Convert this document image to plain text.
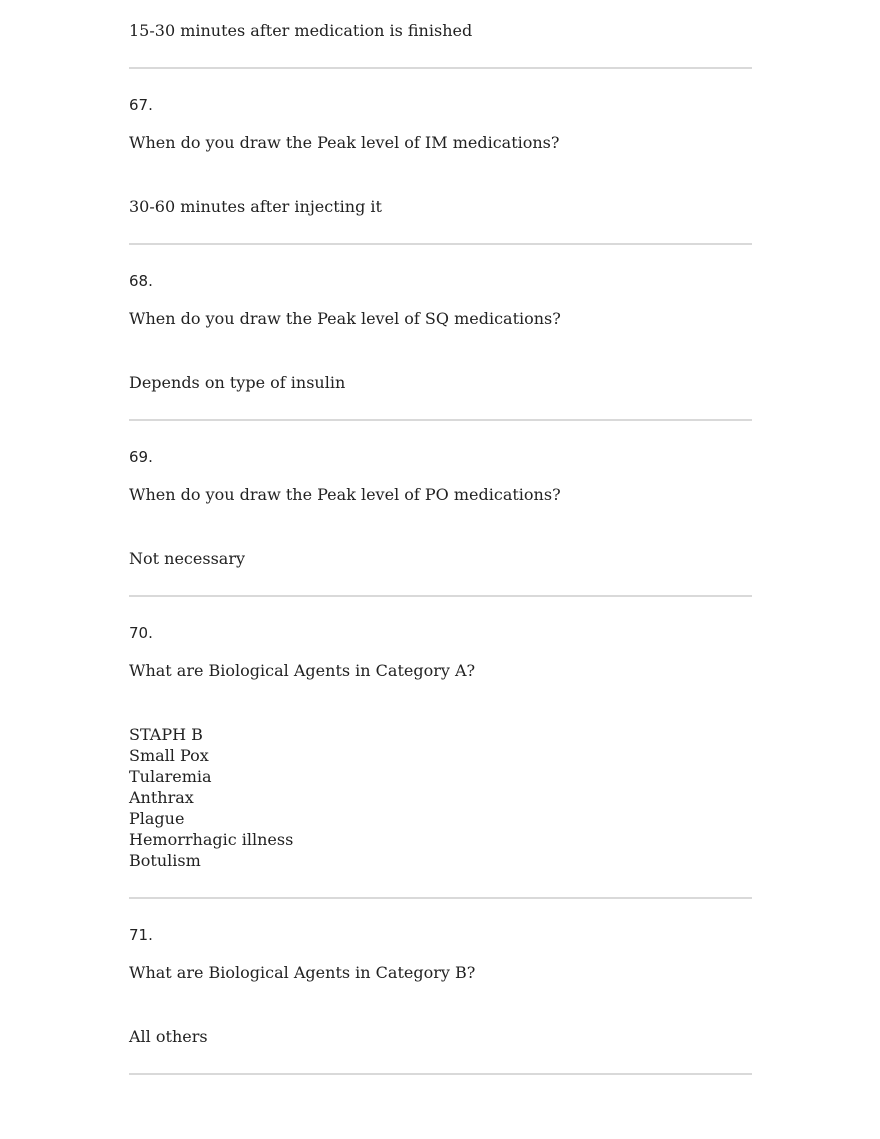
15-30 minutes after medication is finished
67.
When do you draw the Peak level of IM medications?
30-60 minutes after injecting it
68.
When do you draw the Peak level of SQ medications?
Depends on type of insulin
69.
When do you draw the Peak level of PO medications?
Not necessary
70.
What are Biological Agents in Category A?
STAPH B
Small Pox
Tularemia
Anthrax
Plague
Hemorrhagic illness
Botulism
71.
What are Biological Agents in Category B?
All others
